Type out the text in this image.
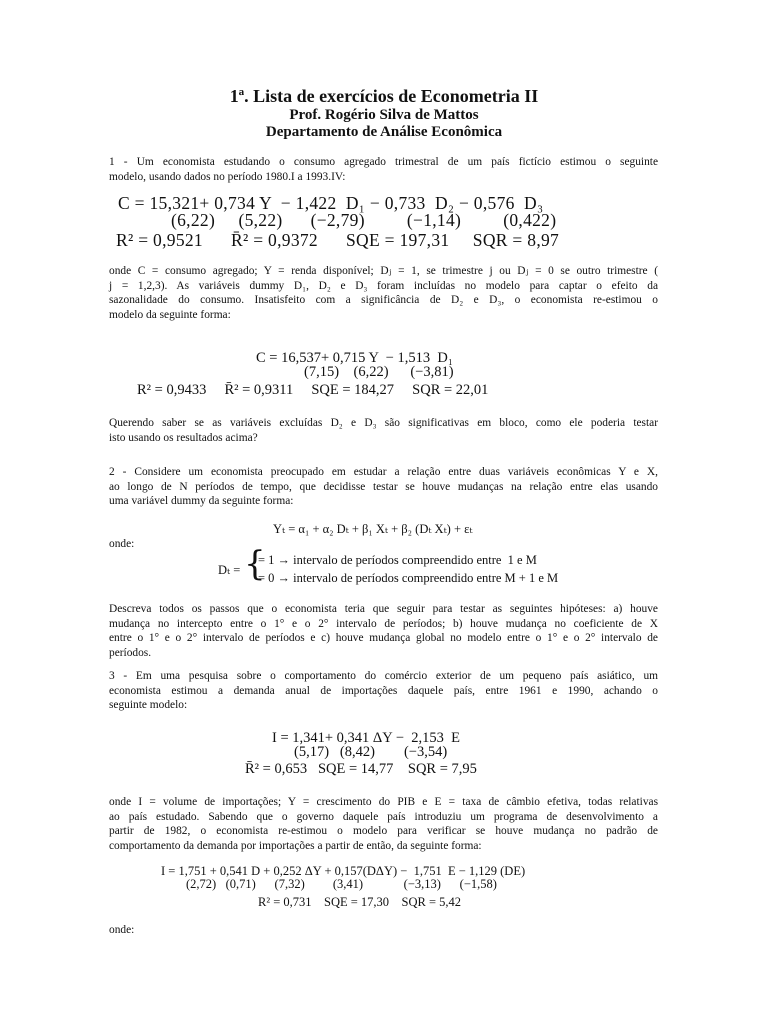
1ª. Lista de exercícios de Econometria II
Prof. Rogério Silva de Mattos
Departamento de Análise Econômica
1 - Um economista estudando o consumo agregado trimestral de um país fictício estimou o seguinte
modelo, usando dados no período 1980.I a 1993.IV:
C = 15,321+ 0,734 Y  − 1,422  D₁ − 0,733  D₂ − 0,576  D₃
(6,22)     (5,22)      (−2,79)         (−1,14)         (0,422)
R² = 0,9521      R̄² = 0,9372      SQE = 197,31     SQR = 8,97
onde C = consumo agregado; Y = renda disponível; Dⱼ = 1, se trimestre j ou Dⱼ = 0 se outro trimestre (
j = 1,2,3). As variáveis dummy D₁, D₂ e D₃ foram incluídas no modelo para captar o efeito da
sazonalidade do consumo. Insatisfeito com a significância de D₂ e D₃, o economista re-estimou o
modelo da seguinte forma:
C = 16,537+ 0,715 Y  − 1,513  D₁
(7,15)    (6,22)      (−3,81)
R² = 0,9433     R̄² = 0,9311     SQE = 184,27     SQR = 22,01
Querendo saber se as variáveis excluídas D₂ e D₃ são significativas em bloco, como ele poderia testar
isto usando os resultados acima?
2 - Considere um economista preocupado em estudar a relação entre duas variáveis econômicas Y e X,
ao longo de N períodos de tempo, que decidisse testar se houve mudanças na relação entre elas usando
uma variável dummy da seguinte forma:
Yₜ = α₁ + α₂ Dₜ + β₁ Xₜ + β₂ (Dₜ Xₜ) + εₜ
onde:
Dₜ = {
= 1 → intervalo de períodos compreendido entre  1 e M
= 0 → intervalo de períodos compreendido entre M + 1 e M
Descreva todos os passos que o economista teria que seguir para testar as seguintes hipóteses: a) houve
mudança no intercepto entre o 1° e o 2° intervalo de períodos; b) houve mudança no coeficiente de X
entre o 1° e o 2° intervalo de períodos e c) houve mudança global no modelo entre o 1° e o 2° intervalo de
períodos.
3 - Em uma pesquisa sobre o comportamento do comércio exterior de um pequeno país asiático, um
economista estimou a demanda anual de importações daquele país, entre 1961 e 1990, achando o
seguinte modelo:
I = 1,341+ 0,341 ΔY −  2,153  E
(5,17)   (8,42)        (−3,54)
R̄² = 0,653   SQE = 14,77    SQR = 7,95
onde I = volume de importações; Y = crescimento do PIB e E = taxa de câmbio efetiva, todas relativas
ao país estudado. Sabendo que o governo daquele país introduziu um programa de desenvolvimento a
partir de 1982, o economista re-estimou o modelo para verificar se houve mudança no padrão de
comportamento da demanda por importações a partir de então, da seguinte forma:
I = 1,751 + 0,541 D + 0,252 ΔY + 0,157(DΔY) −  1,751  E − 1,129 (DE)
(2,72)   (0,71)      (7,32)         (3,41)             (−3,13)      (−1,58)
R² = 0,731    SQE = 17,30    SQR = 5,42
onde:
